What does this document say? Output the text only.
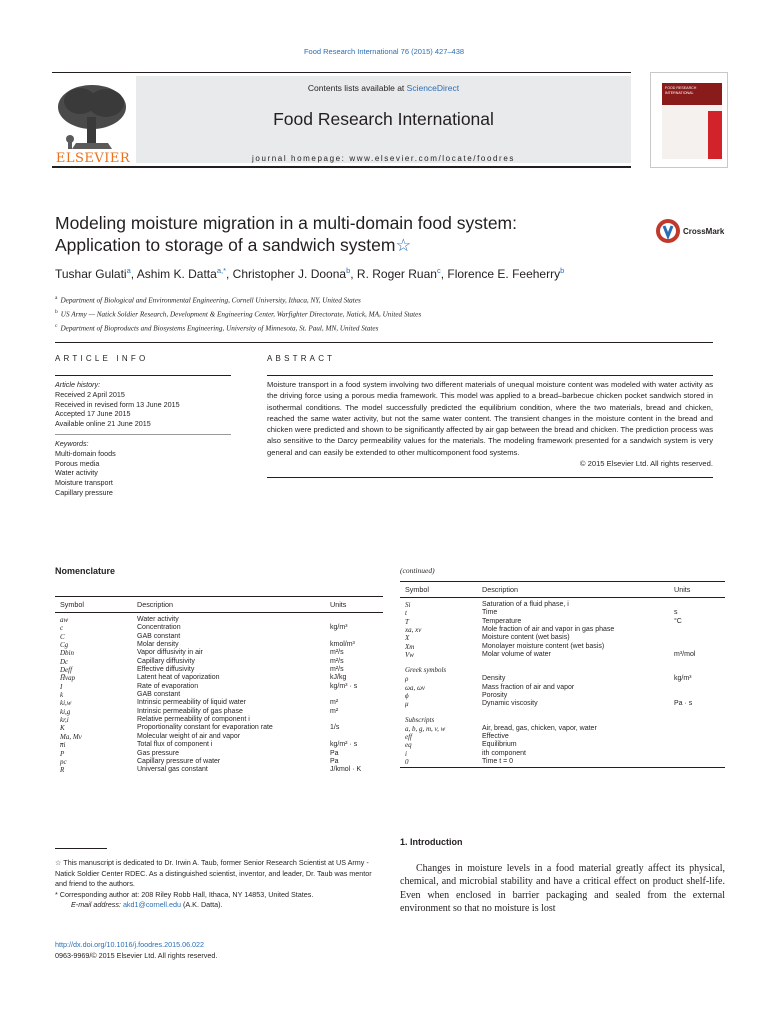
Food Research International 76 (2015) 427–438
ELSEVIER
Contents lists available at ScienceDirect
Food Research International
journal homepage: www.elsevier.com/locate/foodres
FOOD RESEARCH INTERNATIONAL
Modeling moisture migration in a multi-domain food system:
Application to storage of a sandwich system☆
CrossMark
Tushar Gulati$^a$, Ashim K. Datta$^{a,*}$, Christopher J. Doona$^b$, R. Roger Ruan$^c$, Florence E. Feeherry$^b$
$^a$ Department of Biological and Environmental Engineering, Cornell University, Ithaca, NY, United States
$^b$ US Army — Natick Soldier Research, Development & Engineering Center, Warfighter Directorate, Natick, MA, United States
$^c$ Department of Bioproducts and Biosystems Engineering, University of Minnesota, St. Paul, MN, United States
ARTICLE INFO
Article history:
Received 2 April 2015
Received in revised form 13 June 2015
Accepted 17 June 2015
Available online 21 June 2015
Keywords:
Multi-domain foods
Porous media
Water activity
Moisture transport
Capillary pressure
ABSTRACT
Moisture transport in a food system involving two different materials of unequal moisture content was modeled with water activity as the driving force using a porous media framework. This model was applied to a bread–barbecue chicken pocket sandwich stored in isothermal conditions. The model successfully predicted the equilibrium condition, where the two materials, bread and chicken, reached the same water activity, but not the same water content. The transient changes in the moisture content in the bread and chicken were predicted and shown to be significantly affected by air gap between the bread and chicken. The prediction process was also sensitive to the Darcy permeability values for the materials. The modeling framework presented for a sandwich system is very general and can easily be extended to other multicomponent food systems.
© 2015 Elsevier Ltd. All rights reserved.
Nomenclature
Symbol	Description	Units
aw	Water activity	
c	Concentration	kg/m³
C	GAB constant	
Cg	Molar density	kmol/m³
Dbin	Vapor diffusivity in air	m²/s
Dc	Capillary diffusivity	m²/s
Deff	Effective diffusivity	m²/s
H̅vap	Latent heat of vaporization	kJ/kg
I	Rate of evaporation	kg/m³ · s
k	GAB constant	
ki,w	Intrinsic permeability of liquid water	m²
ki,g	Intrinsic permeability of gas phase	m²
kr,i	Relative permeability of component i	
K	Proportionality constant for evaporation rate	1/s
Ma, Mv	Molecular weight of air and vapor	
n̅i	Total flux of component i	kg/m² · s
P	Gas pressure	Pa
pc	Capillary pressure of water	Pa
R	Universal gas constant	J/kmol · K
(continued)
Symbol	Description	Units
Si	Saturation of a fluid phase, i	
t	Time	s
T	Temperature	°C
xa, xv	Mole fraction of air and vapor in gas phase	
X	Moisture content (wet basis)	
Xm	Monolayer moisture content (wet basis)	
Vw	Molar volume of water	m³/mol
Greek symbols		
ρ	Density	kg/m³
ωa, ωv	Mass fraction of air and vapor	
ϕ	Porosity	
μ	Dynamic viscosity	Pa · s
Subscripts		
a, b, g, m, v, w	Air, bread, gas, chicken, vapor, water	
eff	Effective	
eq	Equilibrium	
i	ith component	
0	Time t = 0	

1. Introduction
Changes in moisture levels in a food material greatly affect its physical, chemical, and microbial stability and have a critical effect on product shelf-life. Even when enclosed in barrier packaging and sealed from the external environment so that no moisture is lost
☆ This manuscript is dedicated to Dr. Irwin A. Taub, former Senior Research Scientist at US Army - Natick Soldier Center RDEC. As a distinguished scientist, inventor, and leader, Dr. Taub was mentor and friend to the authors.
* Corresponding author at: 208 Riley Robb Hall, Ithaca, NY 14853, United States.
E-mail address: akd1@cornell.edu (A.K. Datta).
http://dx.doi.org/10.1016/j.foodres.2015.06.022
0963-9969/© 2015 Elsevier Ltd. All rights reserved.
